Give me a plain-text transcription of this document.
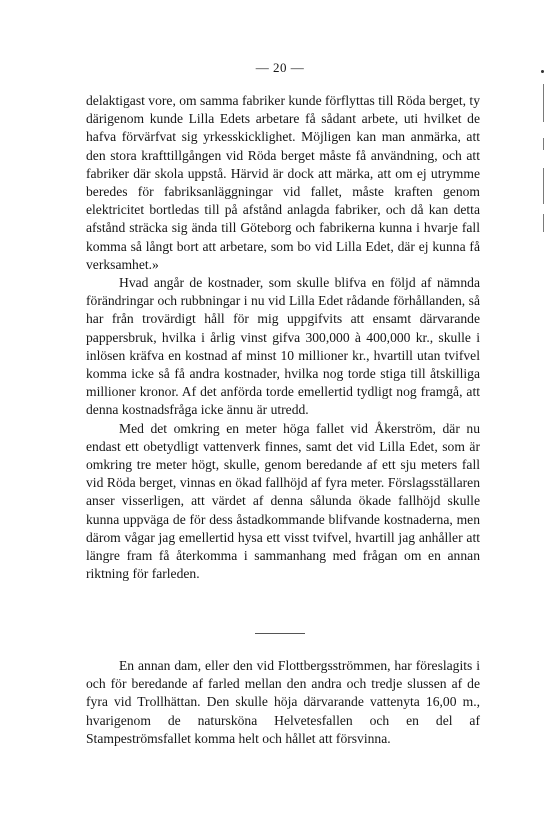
— 20 —

delaktigast vore, om samma fabriker kunde förflyttas till Röda berget, ty därigenom kunde Lilla Edets arbetare få sådant arbete, uti hvilket de hafva förvärfvat sig yrkesskicklighet. Möjligen kan man anmärka, att den stora krafttillgången vid Röda berget måste få användning, och att fabriker där skola uppstå. Härvid är dock att märka, att om ej utrymme beredes för fabriksanläggningar vid fallet, måste kraften genom elektricitet bortledas till på afstånd anlagda fabriker, och då kan detta afstånd sträcka sig ända till Göteborg och fabrikerna kunna i hvarje fall komma så långt bort att arbetare, som bo vid Lilla Edet, där ej kunna få verksamhet.»

Hvad angår de kostnader, som skulle blifva en följd af nämnda förändringar och rubbningar i nu vid Lilla Edet rådande förhållanden, så har från trovärdigt håll för mig uppgifvits att ensamt därvarande pappersbruk, hvilka i årlig vinst gifva 300,000 à 400,000 kr., skulle i inlösen kräfva en kostnad af minst 10 millioner kr., hvartill utan tvifvel komma icke så få andra kostnader, hvilka nog torde stiga till åtskilliga millioner kronor. Af det anförda torde emellertid tydligt nog framgå, att denna kostnadsfråga icke ännu är utredd.

Med det omkring en meter höga fallet vid Åkerström, där nu endast ett obetydligt vattenverk finnes, samt det vid Lilla Edet, som är omkring tre meter högt, skulle, genom beredande af ett sju meters fall vid Röda berget, vinnas en ökad fallhöjd af fyra meter. Förslagsställaren anser visserligen, att värdet af denna sålunda ökade fallhöjd skulle kunna uppväga de för dess åstadkommande blifvande kostnaderna, men därom vågar jag emellertid hysa ett visst tvifvel, hvartill jag anhåller att längre fram få återkomma i sammanhang med frågan om en annan riktning för farleden.

En annan dam, eller den vid Flottbergsströmmen, har föreslagits i och för beredande af farled mellan den andra och tredje slussen af de fyra vid Trollhättan. Den skulle höja därvarande vattenyta 16,00 m., hvarigenom de natursköna Helvetesfallen och en del af Stampeströmsfallet komma helt och hållet att försvinna.
